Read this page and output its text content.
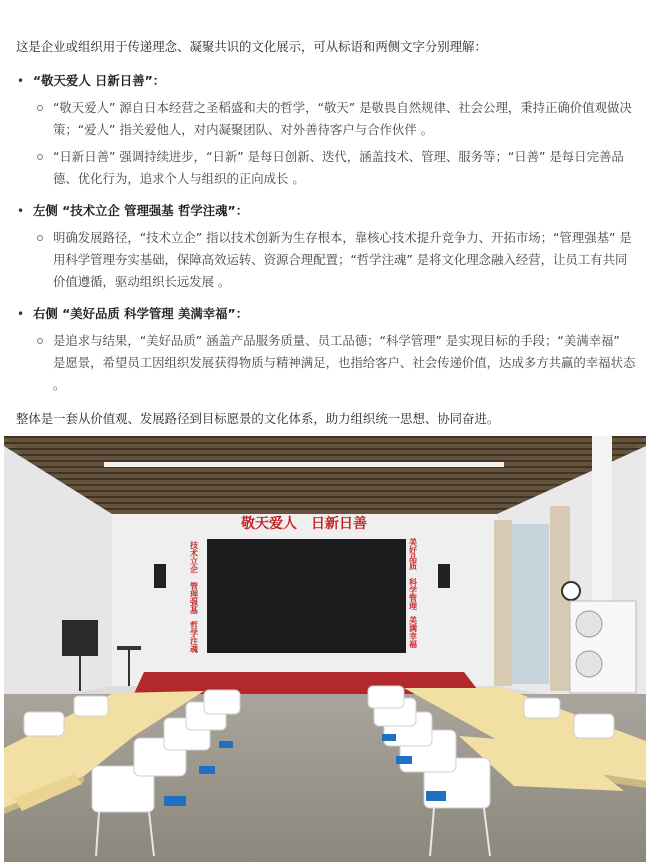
这是企业或组织用于传递理念、凝聚共识的文化展示，可从标语和两侧文字分别理解：

• “敬天爱人 日新日善”：
“敬天爱人” 源自日本经营之圣稻盛和夫的哲学，“敬天” 是敬畏自然规律、社会公理，秉持正确价值观做决策；“爱人” 指关爱他人，对内凝聚团队、对外善待客户与合作伙伴 。
“日新日善” 强调持续进步，“日新” 是每日创新、迭代，涵盖技术、管理、服务等；“日善” 是每日完善品德、优化行为，追求个人与组织的正向成长 。
• 左侧 “技术立企 管理强基 哲学注魂”：
明确发展路径，“技术立企” 指以技术创新为生存根本，靠核心技术提升竞争力、开拓市场；“管理强基” 是用科学管理夯实基础，保障高效运转、资源合理配置；“哲学注魂” 是将文化理念融入经营，让员工有共同价值遵循，驱动组织长远发展 。
• 右侧 “美好品质 科学管理 美满幸福”：
是追求与结果，“美好品质” 涵盖产品服务质量、员工品德；“科学管理” 是实现目标的手段；“美满幸福” 是愿景，希望员工因组织发展获得物质与精神满足，也指给客户、社会传递价值，达成多方共赢的幸福状态 。

整体是一套从价值观、发展路径到目标愿景的文化体系，助力组织统一思想、协同奋进。

敬天爱人　日新日善
技术立企
管理强基
哲学注魂
美好品质
科学管理
美满幸福
